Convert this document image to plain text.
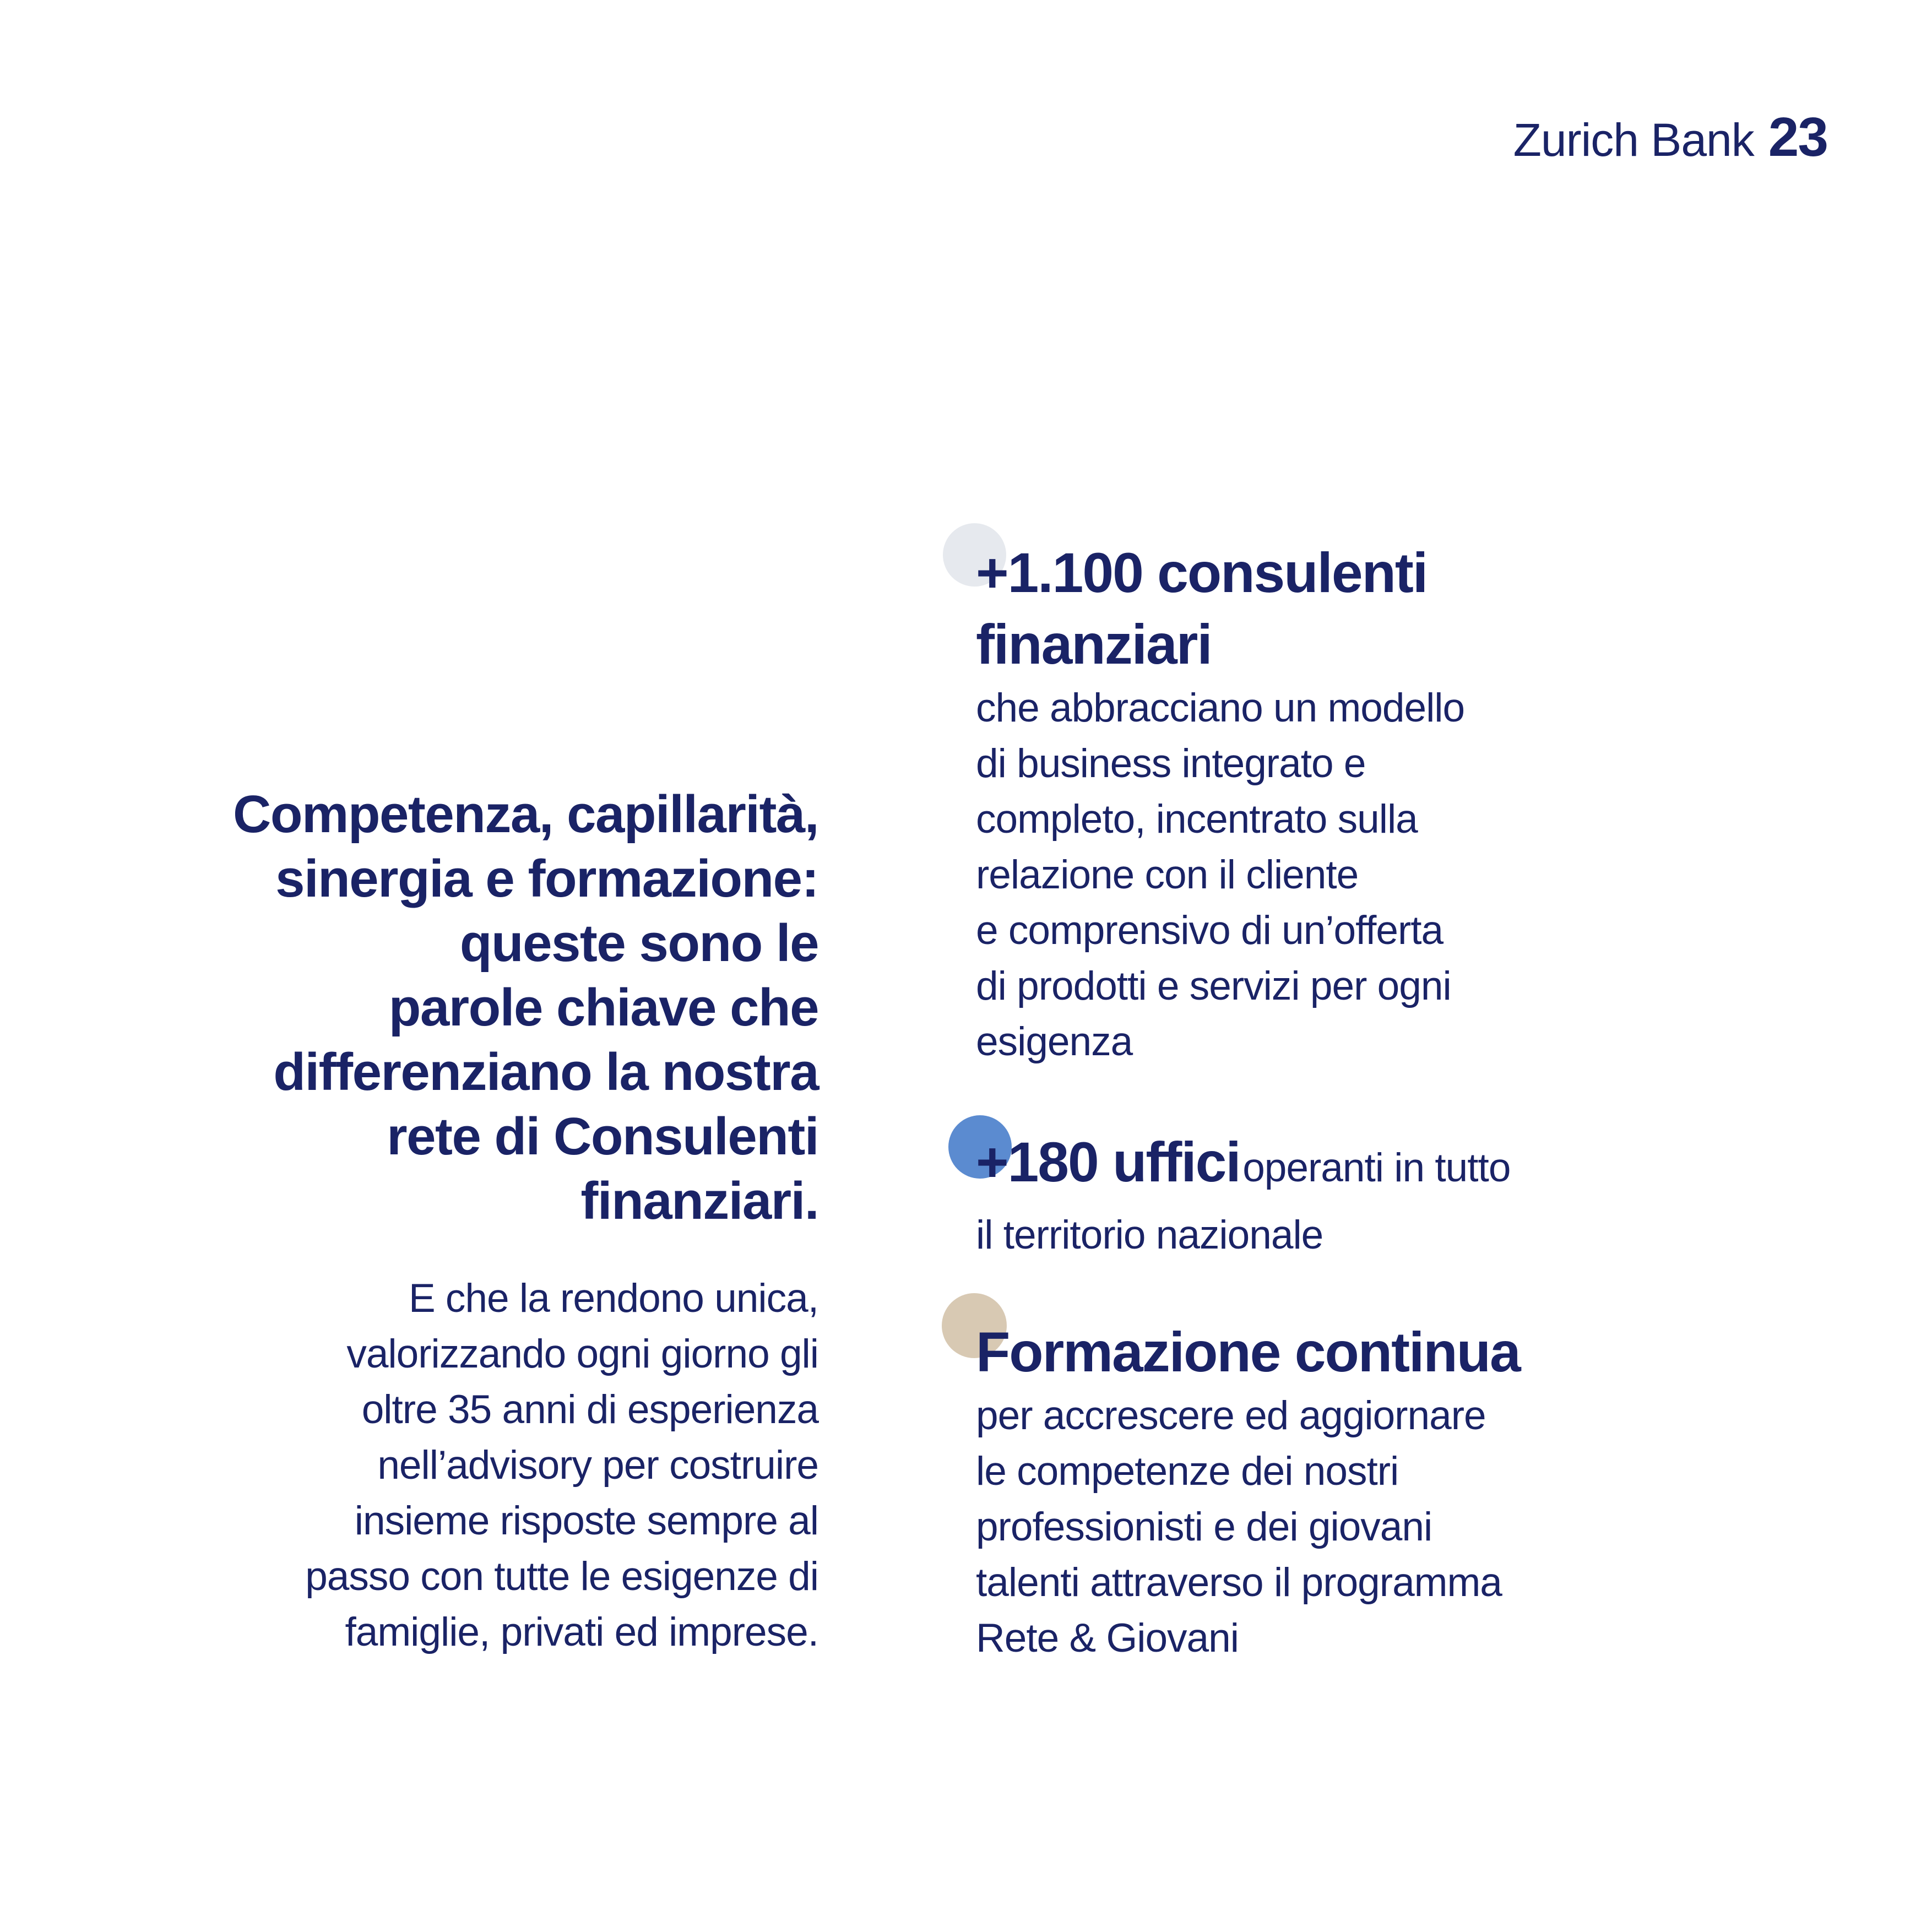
Zurich Bank 23
Competenza, capillarità,
sinergia e formazione:
queste sono le
parole chiave che
differenziano la nostra
rete di Consulenti
finanziari.
E che la rendono unica,
valorizzando ogni giorno gli
oltre 35 anni di esperienza
nell’advisory per costruire
insieme risposte sempre al
passo con tutte le esigenze di
famiglie, privati ed imprese.
+1.100 consulenti
finanziari
che abbracciano un modello
di business integrato e
completo, incentrato sulla
relazione con il cliente
e comprensivo di un’offerta
di prodotti e servizi per ogni
esigenza
+180 uffici operanti in tutto
il territorio nazionale
Formazione continua
per accrescere ed aggiornare
le competenze dei nostri
professionisti e dei giovani
talenti attraverso il programma
Rete & Giovani
